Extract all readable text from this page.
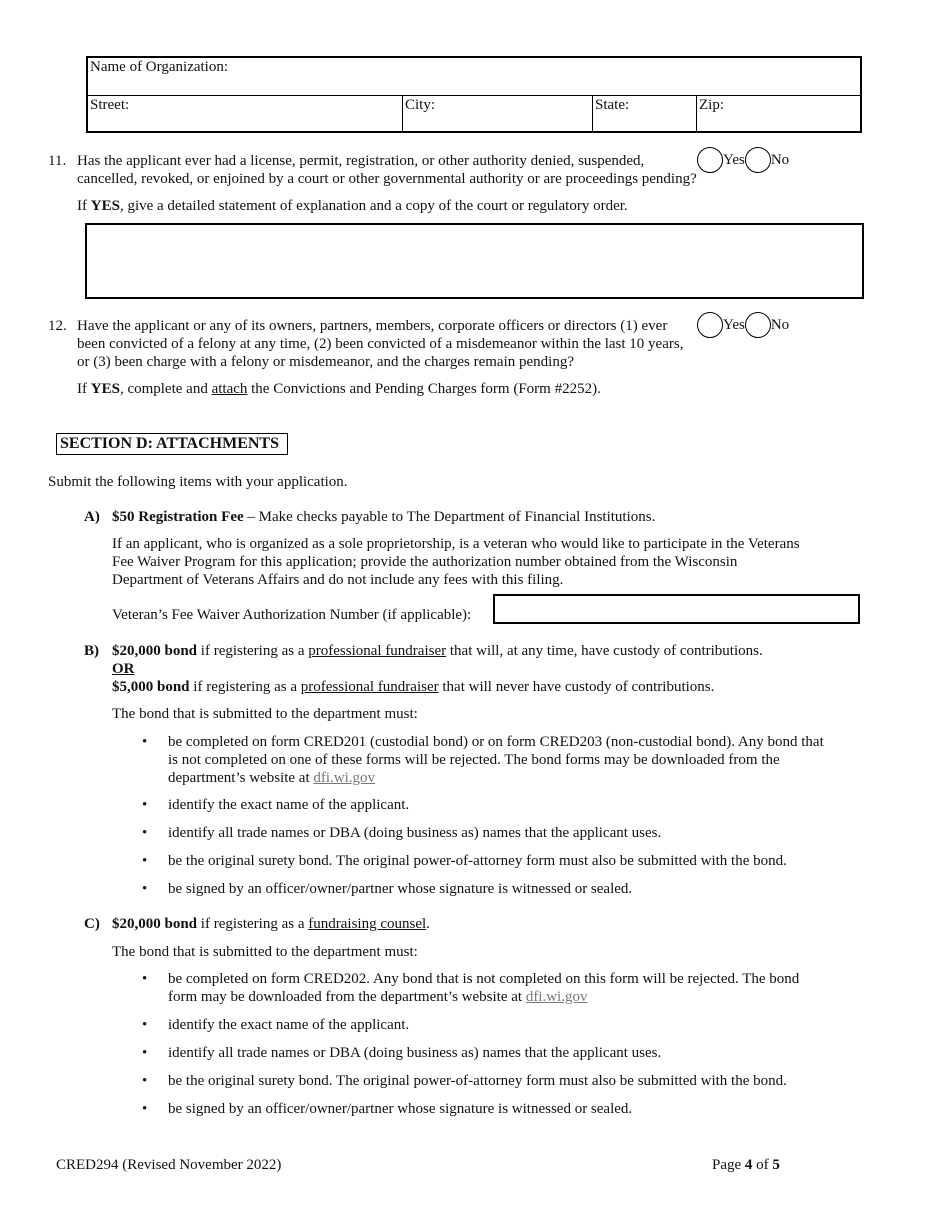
Name of Organization:
Street:	City:	State:	Zip:
11. Has the applicant ever had a license, permit, registration, or other authority denied, suspended,
cancelled, revoked, or enjoined by a court or other governmental authority or are proceedings pending?
Yes No
If YES, give a detailed statement of explanation and a copy of the court or regulatory order.
12. Have the applicant or any of its owners, partners, members, corporate officers or directors (1) ever
been convicted of a felony at any time, (2) been convicted of a misdemeanor within the last 10 years,
or (3) been charge with a felony or misdemeanor, and the charges remain pending?
Yes No
If YES, complete and attach the Convictions and Pending Charges form (Form #2252).
SECTION D: ATTACHMENTS
Submit the following items with your application.
A) $50 Registration Fee – Make checks payable to The Department of Financial Institutions.
If an applicant, who is organized as a sole proprietorship, is a veteran who would like to participate in the Veterans
Fee Waiver Program for this application; provide the authorization number obtained from the Wisconsin
Department of Veterans Affairs and do not include any fees with this filing.
Veteran’s Fee Waiver Authorization Number (if applicable):
B) $20,000 bond if registering as a professional fundraiser that will, at any time, have custody of contributions.
OR
$5,000 bond if registering as a professional fundraiser that will never have custody of contributions.
The bond that is submitted to the department must:
• be completed on form CRED201 (custodial bond) or on form CRED203 (non-custodial bond). Any bond that
is not completed on one of these forms will be rejected. The bond forms may be downloaded from the
department’s website at dfi.wi.gov
• identify the exact name of the applicant.
• identify all trade names or DBA (doing business as) names that the applicant uses.
• be the original surety bond. The original power-of-attorney form must also be submitted with the bond.
• be signed by an officer/owner/partner whose signature is witnessed or sealed.
C) $20,000 bond if registering as a fundraising counsel.
The bond that is submitted to the department must:
• be completed on form CRED202. Any bond that is not completed on this form will be rejected. The bond
form may be downloaded from the department’s website at dfi.wi.gov
• identify the exact name of the applicant.
• identify all trade names or DBA (doing business as) names that the applicant uses.
• be the original surety bond. The original power-of-attorney form must also be submitted with the bond.
• be signed by an officer/owner/partner whose signature is witnessed or sealed.
CRED294 (Revised November 2022)	Page 4 of 5
